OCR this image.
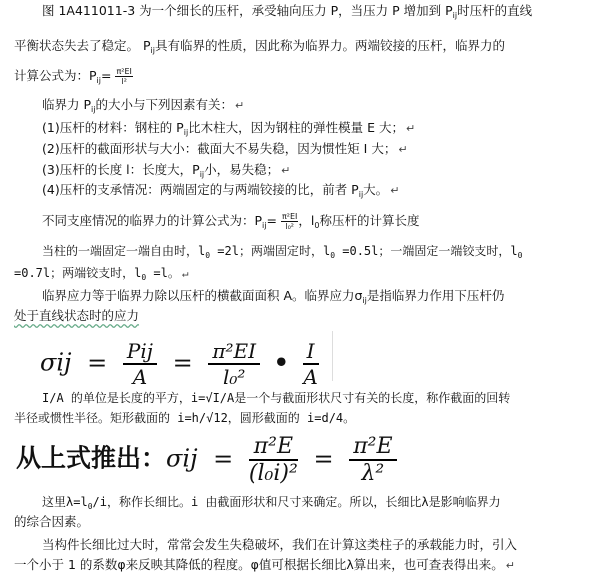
图 1A411011-3 为一个细长的压杆，承受轴向压力 P，当压力 P 增加到 $P_{ij}$时压杆的直线
平衡状态失去了稳定。 $P_{ij}$具有临界的性质，因此称为临界力。两端铰接的压杆，临界力的
计算公式为：$P_{ij}= \frac{\text{π²EI}}{\text{l²}}$
临界力 $P_{ij}$的大小与下列因素有关： ↵
(1)压杆的材料：钢柱的 $P_{ij}$比木柱大，因为钢柱的弹性模量 E 大； ↵
(2)压杆的截面形状与大小：截面大不易失稳，因为惯性矩 I 大； ↵
(3)压杆的长度 l：长度大，$P_{ij}$小，易失稳； ↵
(4)压杆的支承情况：两端固定的与两端铰接的比，前者 $P_{ij}$大。 ↵
不同支座情况的临界力的计算公式为：$P_{ij}= \frac{\text{π²EI}}{\text{l₀²}}$ ，$l_0$称压杆的计算长度
当柱的一端固定一端自由时，$l_0 =2l$；两端固定时，$l_0 =0.5l$；一端固定一端铰支时，$l_0$
=0.7l；两端铰支时，$l_0 =l$。 ↵
临界应力等于临界力除以压杆的横截面面积 A。临界应力$\sigma_{ij}$是指临界力作用下压杆仍
处于直线状态时的应力
$\sigma ij = \frac{\text{Pij}}{A} = \frac{\text{π²EI}}{\text{l₀²}}$ • $\frac{I}{A}$
I/A 的单位是长度的平方，i=√I/A是一个与截面形状尺寸有关的长度，称作截面的回转
半径或惯性半径。矩形截面的 i=h/√12，圆形截面的 i=d/4。
从上式推出：$\sigma ij = \frac{\text{π²E}}{\text{(l₀i)²}} = \frac{\text{π²E}}{\text{λ²}}$
这里$\lambda=l_0/i$，称作长细比。i 由截面形状和尺寸来确定。所以，长细比λ是影响临界力
的综合因素。
当构件长细比过大时，常常会发生失稳破坏，我们在计算这类柱子的承载能力时，引入
一个小于 1 的系数φ来反映其降低的程度。φ值可根据长细比λ算出来，也可查表得出来。 ↵
